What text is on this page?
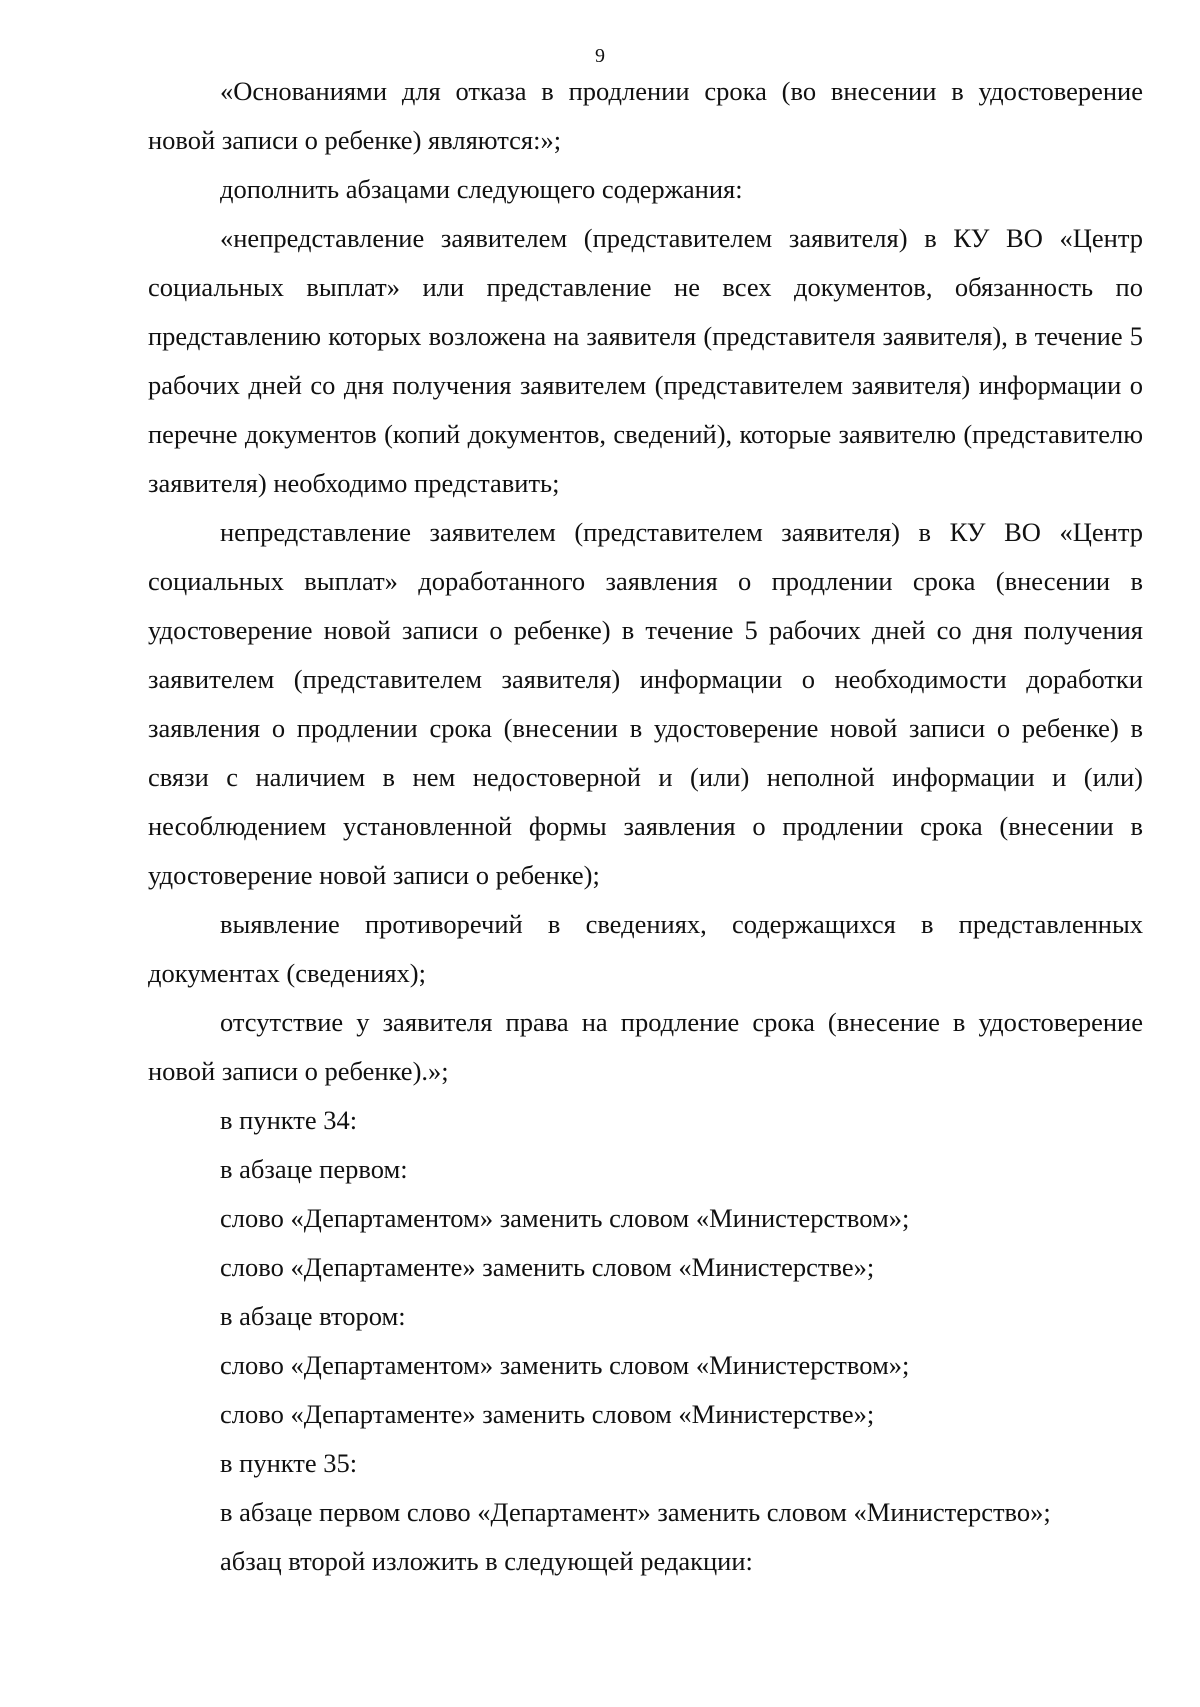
9

«Основаниями для отказа в продлении срока (во внесении в удостоверение новой записи о ребенке) являются:»;

дополнить абзацами следующего содержания:

«непредставление заявителем (представителем заявителя) в КУ ВО «Центр социальных выплат» или представление не всех документов, обязанность по представлению которых возложена на заявителя (представителя заявителя), в течение 5 рабочих дней со дня получения заявителем (представителем заявителя) информации о перечне документов (копий документов, сведений), которые заявителю (представителю заявителя) необходимо представить;

непредставление заявителем (представителем заявителя) в КУ ВО «Центр социальных выплат» доработанного заявления о продлении срока (внесении в удостоверение новой записи о ребенке) в течение 5 рабочих дней со дня получения заявителем (представителем заявителя) информации о необходимости доработки заявления о продлении срока (внесении в удостоверение новой записи о ребенке) в связи с наличием в нем недостоверной и (или) неполной информации и (или) несоблюдением установленной формы заявления о продлении срока (внесении в удостоверение новой записи о ребенке);

выявление противоречий в сведениях, содержащихся в представленных документах (сведениях);

отсутствие у заявителя права на продление срока (внесение в удостоверение новой записи о ребенке).»;

в пункте 34:

в абзаце первом:

слово «Департаментом» заменить словом «Министерством»;

слово «Департаменте» заменить словом «Министерстве»;

в абзаце втором:

слово «Департаментом» заменить словом «Министерством»;

слово «Департаменте» заменить словом «Министерстве»;

в пункте 35:

в абзаце первом слово «Департамент» заменить словом «Министерство»;

абзац второй изложить в следующей редакции:
